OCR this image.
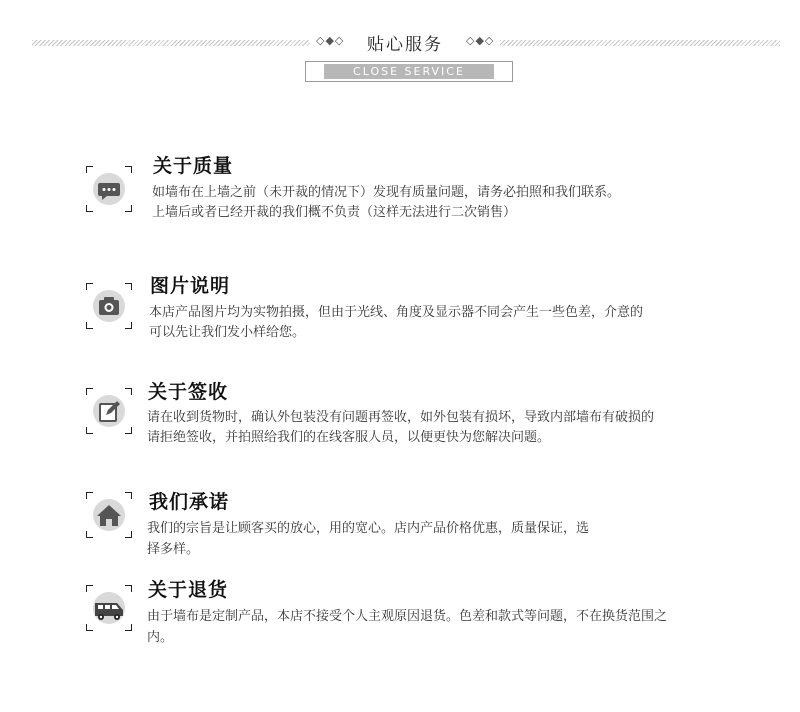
◇◆◇	贴心服务	◇◆◇
CLOSE SERVICE
关于质量
如墙布在上墙之前（未开裁的情况下）发现有质量问题，请务必拍照和我们联系。
上墙后或者已经开裁的我们概不负责（这样无法进行二次销售）
图片说明
本店产品图片均为实物拍摄，但由于光线、角度及显示器不同会产生一些色差，介意的
可以先让我们发小样给您。
关于签收
请在收到货物时，确认外包装没有问题再签收，如外包装有损坏，导致内部墙布有破损的
请拒绝签收，并拍照给我们的在线客服人员，以便更快为您解决问题。
我们承诺
我们的宗旨是让顾客买的放心，用的宽心。店内产品价格优惠，质量保证，选
择多样。
关于退货
由于墙布是定制产品，本店不接受个人主观原因退货。色差和款式等问题，不在换货范围之
内。
